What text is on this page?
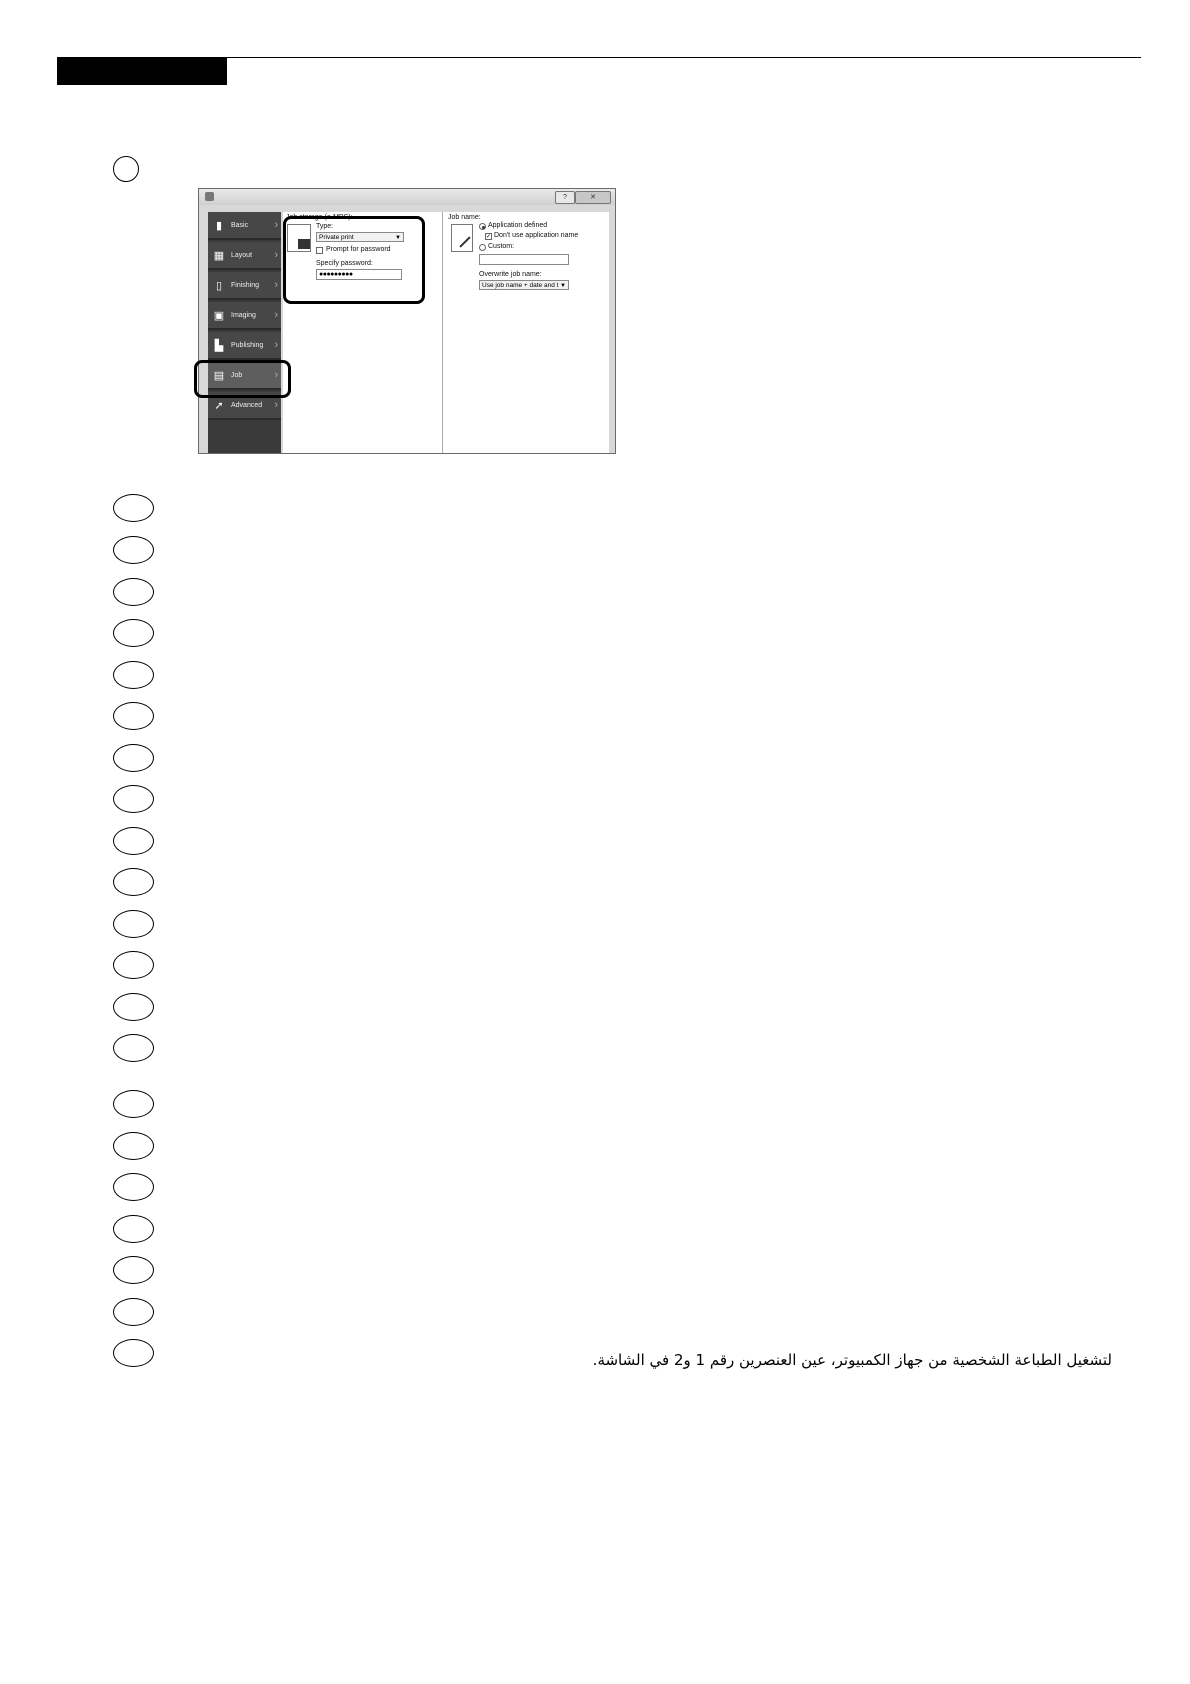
?	✕
▮	Basic ›
▦ Layout ›
▯	Finishing ›
▣ Imaging ›
▙ Publishing ›
▤ Job	›
➚ Advanced ›
Job storage (e-MPS):
Type:
Private print	▼
Prompt for password
Specify password:
●●●●●●●●●
Job name:
Application defined
✓ Don't use application name
Custom:
Overwrite job name:
Use job name + date and t ▼
لتشغيل الطباعة الشخصية من جهاز الكمبيوتر، عين العنصرين رقم 1 و2 في الشاشة.
